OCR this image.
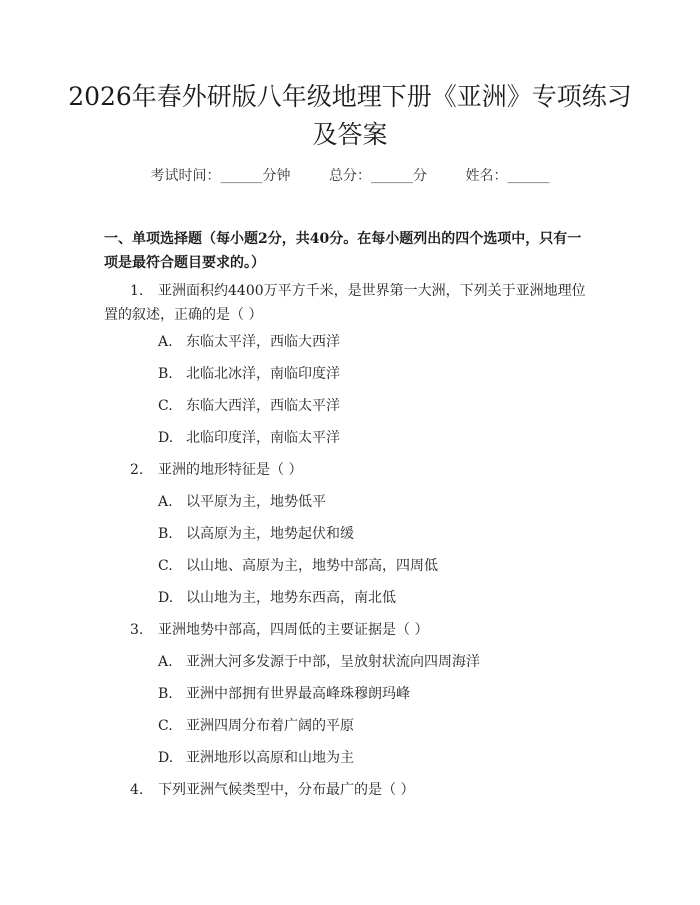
2026年春外研版八年级地理下册《亚洲》专项练习及答案
考试时间：______分钟	总分：______分	姓名：______

一、单项选择题（每小题2分，共40分。在每小题列出的四个选项中，只有一项是最符合题目要求的。）

1. 亚洲面积约4400万平方千米，是世界第一大洲，下列关于亚洲地理位置的叙述，正确的是（ ）
A. 东临太平洋，西临大西洋
B. 北临北冰洋，南临印度洋
C. 东临大西洋，西临太平洋
D. 北临印度洋，南临太平洋
2. 亚洲的地形特征是（ ）
A. 以平原为主，地势低平
B. 以高原为主，地势起伏和缓
C. 以山地、高原为主，地势中部高，四周低
D. 以山地为主，地势东西高，南北低
3. 亚洲地势中部高，四周低的主要证据是（ ）
A. 亚洲大河多发源于中部，呈放射状流向四周海洋
B. 亚洲中部拥有世界最高峰珠穆朗玛峰
C. 亚洲四周分布着广阔的平原
D. 亚洲地形以高原和山地为主
4. 下列亚洲气候类型中，分布最广的是（ ）
